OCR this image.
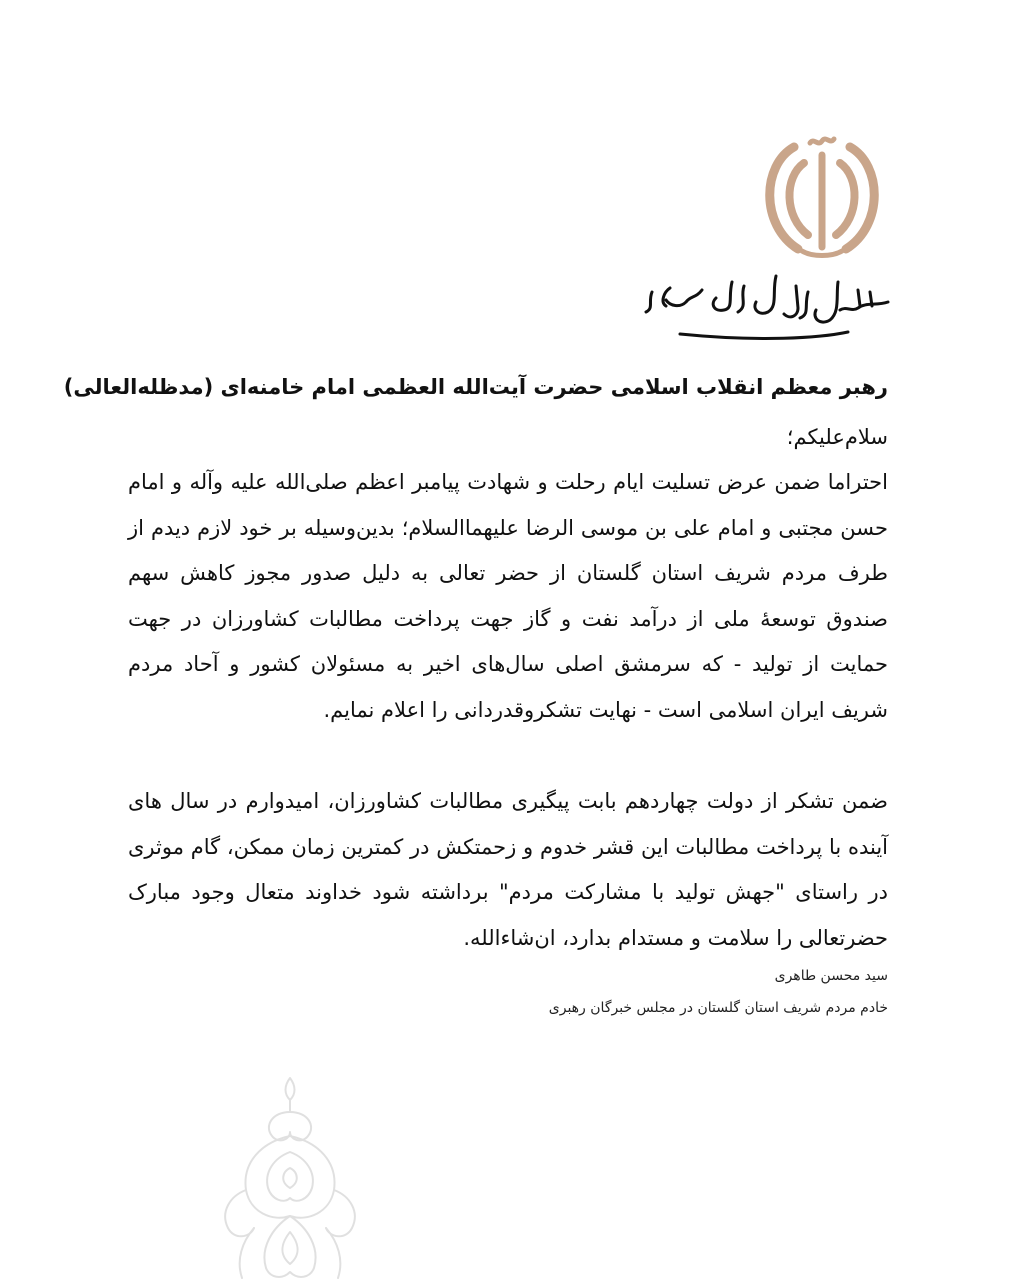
رهبر معظم انقلاب اسلامی حضرت آیت‌الله العظمی امام خامنه‌ای (مدظله‌العالی)

سلام‌علیکم؛

احتراما ضمن عرض تسلیت ایام رحلت و شهادت پیامبر اعظم صلی‌الله علیه وآله و امام حسن مجتبی و امام علی بن موسی الرضا علیهما‌السلام؛ بدین‌وسیله بر خود لازم دیدم از طرف مردم شریف استان گلستان از حضر تعالی به دلیل صدور مجوز کاهش سهم صندوق توسعهٔ ملی از درآمد نفت و گاز جهت پرداخت مطالبات کشاورزان در جهت حمایت از تولید - که سرمشق اصلی سال‌های اخیر به مسئولان کشور و آحاد مردم شریف ایران اسلامی است - نهایت تشکروقدردانی را اعلام نمایم.

ضمن تشکر از دولت چهاردهم بابت پیگیری مطالبات کشاورزان، امیدوارم در سال های آینده با پرداخت مطالبات این قشر خدوم و زحمتکش در کمترین زمان ممکن، گام موثری در راستای "جهش تولید با مشارکت مردم" برداشته شود خداوند متعال وجود مبارک حضرتعالی را سلامت و مستدام بدارد، ان‌شاءالله.

سید محسن طاهری
خادم مردم شریف استان گلستان در مجلس خبرگان رهبری
